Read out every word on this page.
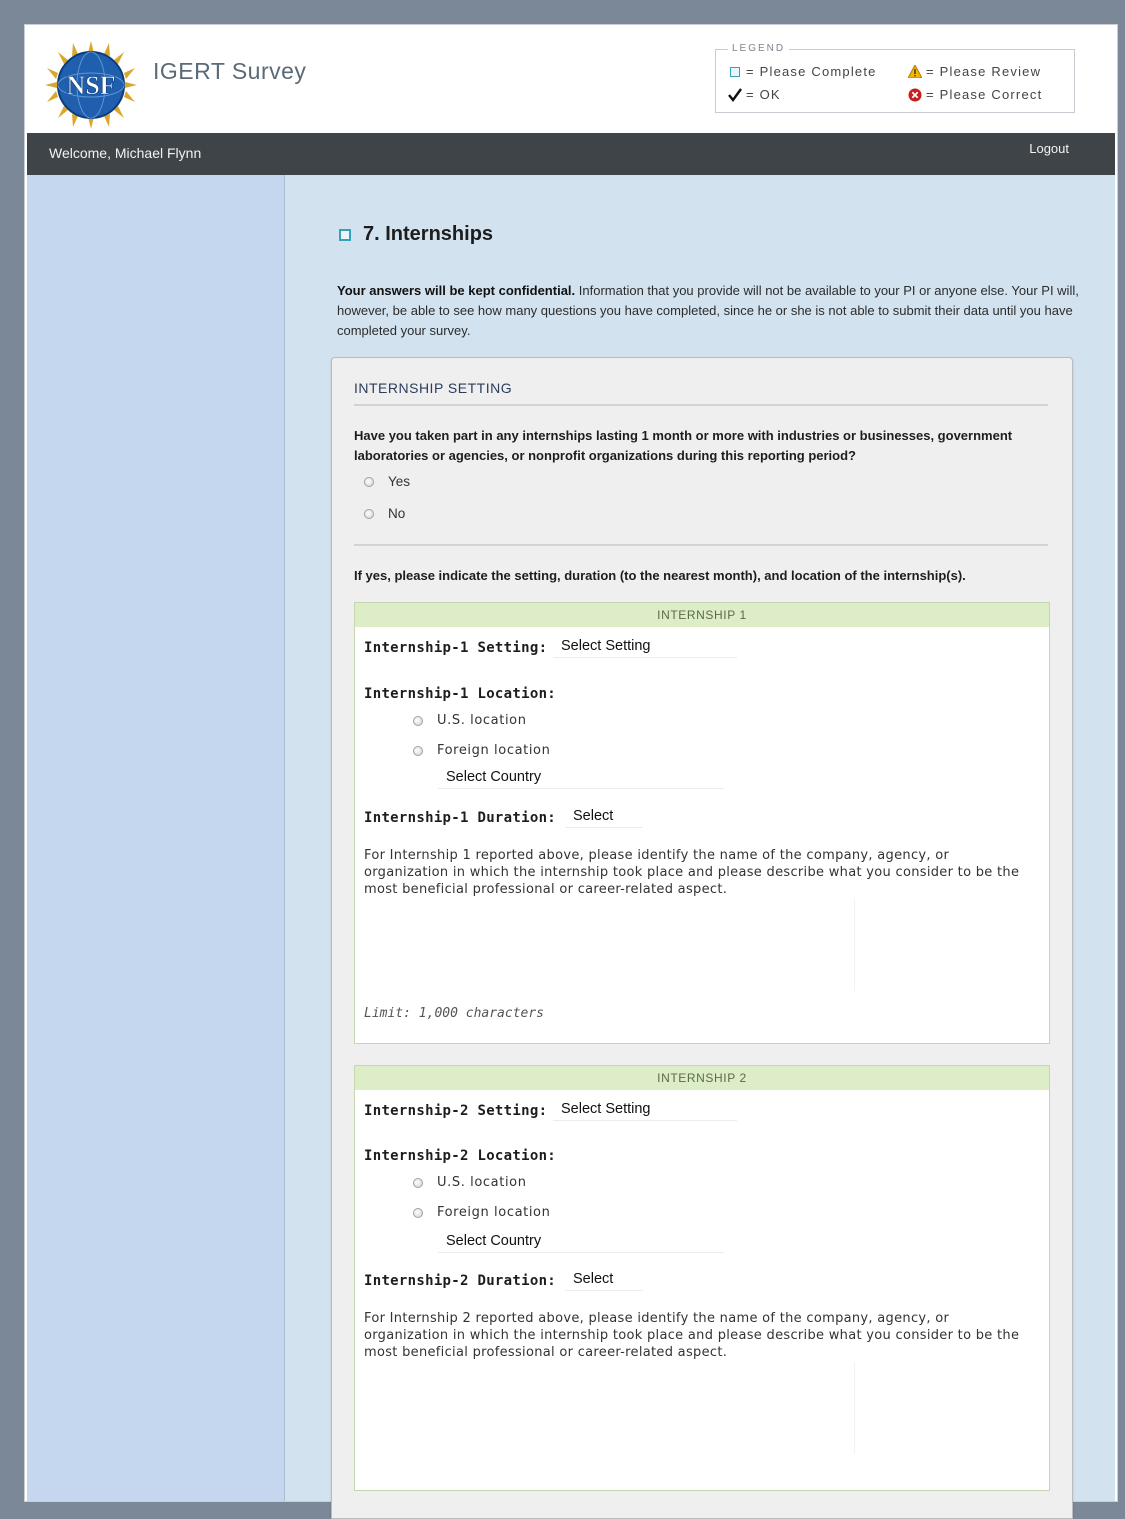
NSF IGERT Survey
LEGEND
= Please Complete	= Please Review
= OK	= Please Correct
Welcome, Michael Flynn	Logout
7. Internships
Your answers will be kept confidential. Information that you provide will not be available to your PI or anyone else. Your PI will, however, be able to see how many questions you have completed, since he or she is not able to submit their data until you have completed your survey.
INTERNSHIP SETTING
Have you taken part in any internships lasting 1 month or more with industries or businesses, government laboratories or agencies, or nonprofit organizations during this reporting period?
Yes
No
If yes, please indicate the setting, duration (to the nearest month), and location of the internship(s).
INTERNSHIP 1
Internship-1 Setting: Select Setting
Internship-1 Location:
U.S. location
Foreign location
Select Country
Internship-1 Duration:	Select
For Internship 1 reported above, please identify the name of the company, agency, or organization in which the internship took place and please describe what you consider to be the most beneficial professional or career-related aspect.
Limit: 1,000 characters
INTERNSHIP 2
Internship-2 Setting: Select Setting
Internship-2 Location:
U.S. location
Foreign location
Select Country
Internship-2 Duration:	Select
For Internship 2 reported above, please identify the name of the company, agency, or organization in which the internship took place and please describe what you consider to be the most beneficial professional or career-related aspect.
